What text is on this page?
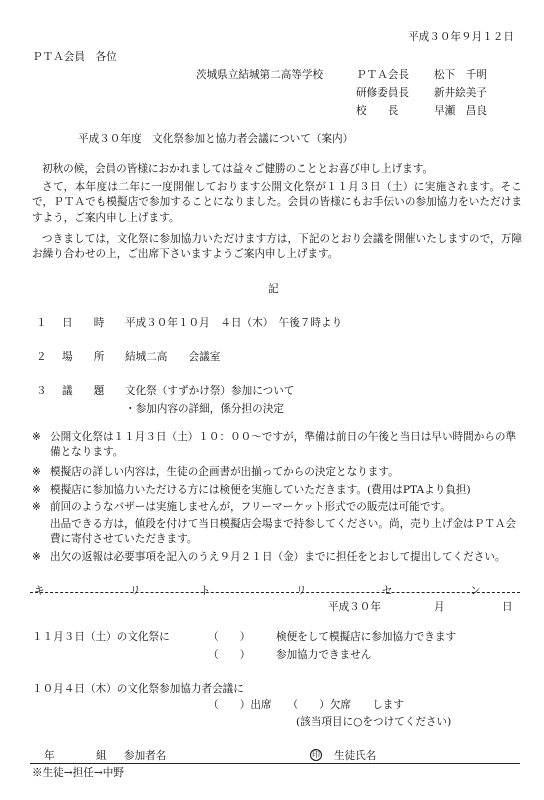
平成３０年９月１２日
ＰＴＡ会員　各位
茨城県立結城第二高等学校	ＰＴＡ会長 松下　千明
研修委員長 新井絵美子
校　　長	早瀬　昌良
平成３０年度　文化祭参加と協力者会議について（案内）
初秋の候，会員の皆様におかれましては益々ご健勝のこととお喜び申し上げます。
さて，本年度は二年に一度開催しております公開文化祭が１１月３日（土）に実施されます。そこで，ＰＴＡでも模擬店で参加することになりました。会員の皆様にもお手伝いの参加協力をいただけますよう，ご案内申し上げます。
つきましては，文化祭に参加協力いただけます方は，下記のとおり会議を開催いたしますので，万障お繰り合わせの上，ご出席下さいますようご案内申し上げます。
記
１ 日　　時 平成３０年１０月　４日（木）　午後７時より
２ 場　　所 結城二高　　会議室
３ 議　　題 文化祭（すずかけ祭）参加について
・参加内容の詳細，係分担の決定
※ 公開文化祭は１１月３日（土）１０：００～ですが，準備は前日の午後と当日は早い時間からの準備となります。
※ 模擬店の詳しい内容は，生徒の企画書が出揃ってからの決定となります。
※ 模擬店に参加協力いただける方には検便を実施していただきます。(費用はPTAより負担)
※ 前回のようなバザーは実施しませんが，フリーマーケット形式での販売は可能です。
出品できる方は，値段を付けて当日模擬店会場まで持参してください。尚，売り上げ金はＰＴＡ会費に寄付させていただきます。
※ 出欠の返報は必要事項を記入のうえ９月２１日（金）までに担任をとおして提出してください。
キ	リ	ト	リ	セ	ン
平成３０年	月	日
１１月３日（土）の文化祭に	（　　） 検便をして模擬店に参加協力できます
（　　） 参加協力できません
１０月４日（木）の文化祭参加協力者会議に
（　　）出席　　（　　）欠席　　します
(該当項目に○をつけてください)
年	組 参加者名	印 生徒氏名
※生徒→担任→中野
